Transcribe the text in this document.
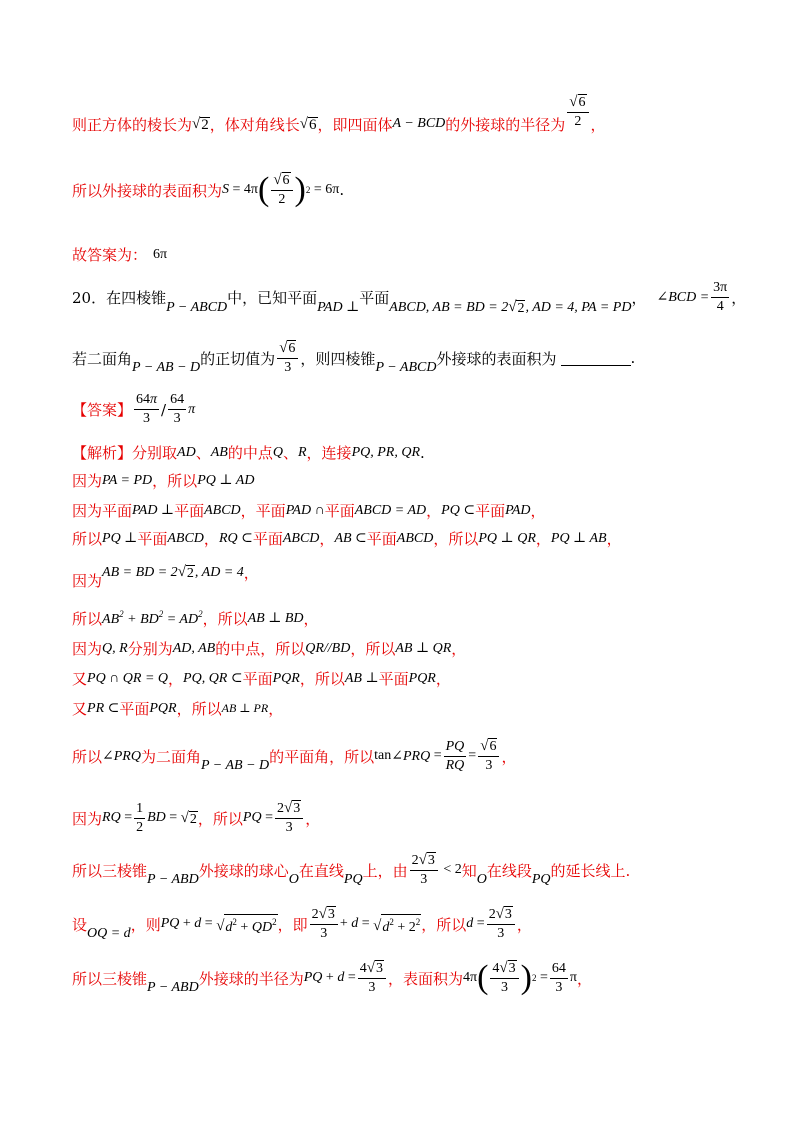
则正方体的棱长为 √ 2 ，体对角线长 √ 6 ，即四面体 A − BCD 的外接球的半径为 $\frac{√ 6}{2}$ ，
所以外接球的表面积为 S = 4π ( $\frac{√ 6}{2}$ ) 2 = 6π .
故答案为： 6π
20．在四棱锥 P − ABCD 中，已知平面
PAD ⊥
平面
ABCD, AB = BD = 2 √ 2 , AD = 4, PA = PD
， ∠BCD = $\frac{3\pi}{4}$ ，
若二面角 P − AB − D 的正切值为 $\frac{√ 6}{3}$ ，则四棱锥 P − ABCD 外接球的表面积为	.
【答案】 $\frac{64\pi}{3} / \frac{64}{3}$ π
【解析】 分别取 AD 、 AB 的中点 Q 、 R ，连接 PQ, PR, QR .
因为 PA = PD ，所以 PQ ⊥ AD
因为平面 PAD ⊥ 平面 ABCD ，平面 PAD ∩ 平面 ABCD = AD ， PQ ⊂ 平面 PAD ，
所以 PQ ⊥ 平面 ABCD ， RQ ⊂ 平面 ABCD ， AB ⊂ 平面 ABCD ，所以 PQ ⊥ QR ， PQ ⊥ AB ，
因为 AB = BD = 2 √ 2 , AD = 4 ，
所以 $AB^2 + BD^2 = AD^2$ ，所以 AB ⊥ BD ，
因为 Q, R 分别为 AD, AB 的中点，所以 QR//BD ，所以 AB ⊥ QR ，
又 PQ ∩ QR = Q ， PQ, QR ⊂ 平面 PQR ，所以 AB ⊥ 平面 PQR ，
又 PR ⊂ 平面 PQR ，所以 AB ⊥ PR ，
所以 ∠PRQ 为二面角 P − AB − D 的平面角，所以 tan ∠PRQ = $\frac{PQ}{RQ} = \frac{√ 6}{3}$ ，
因为 RQ = $\frac{1}{2}$ BD = √ 2 ，所以 PQ = $\frac{2 √ 3}{3}$ ，
所以三棱锥 P − ABD 外接球的球心 O 在直线 PQ 上，由 $\frac{2 √ 3}{3} < 2$ 知 O 在线段 PQ 的延长线上.
设 OQ = d ，则 PQ + d = √ $d^2 + QD^2$ ，即 $\frac{2 √ 3}{3} + d$ = √ $d^2 + 2^2$ ，所以 $d = \frac{2 √ 3}{3}$ ，
所以三棱锥 P − ABD 外接球的半径为 PQ + $d = \frac{4 √ 3}{3}$ ，表面积为 4π ( $\frac{4 √ 3}{3}$ ) $2 = \frac{64}{3}$ π ，
